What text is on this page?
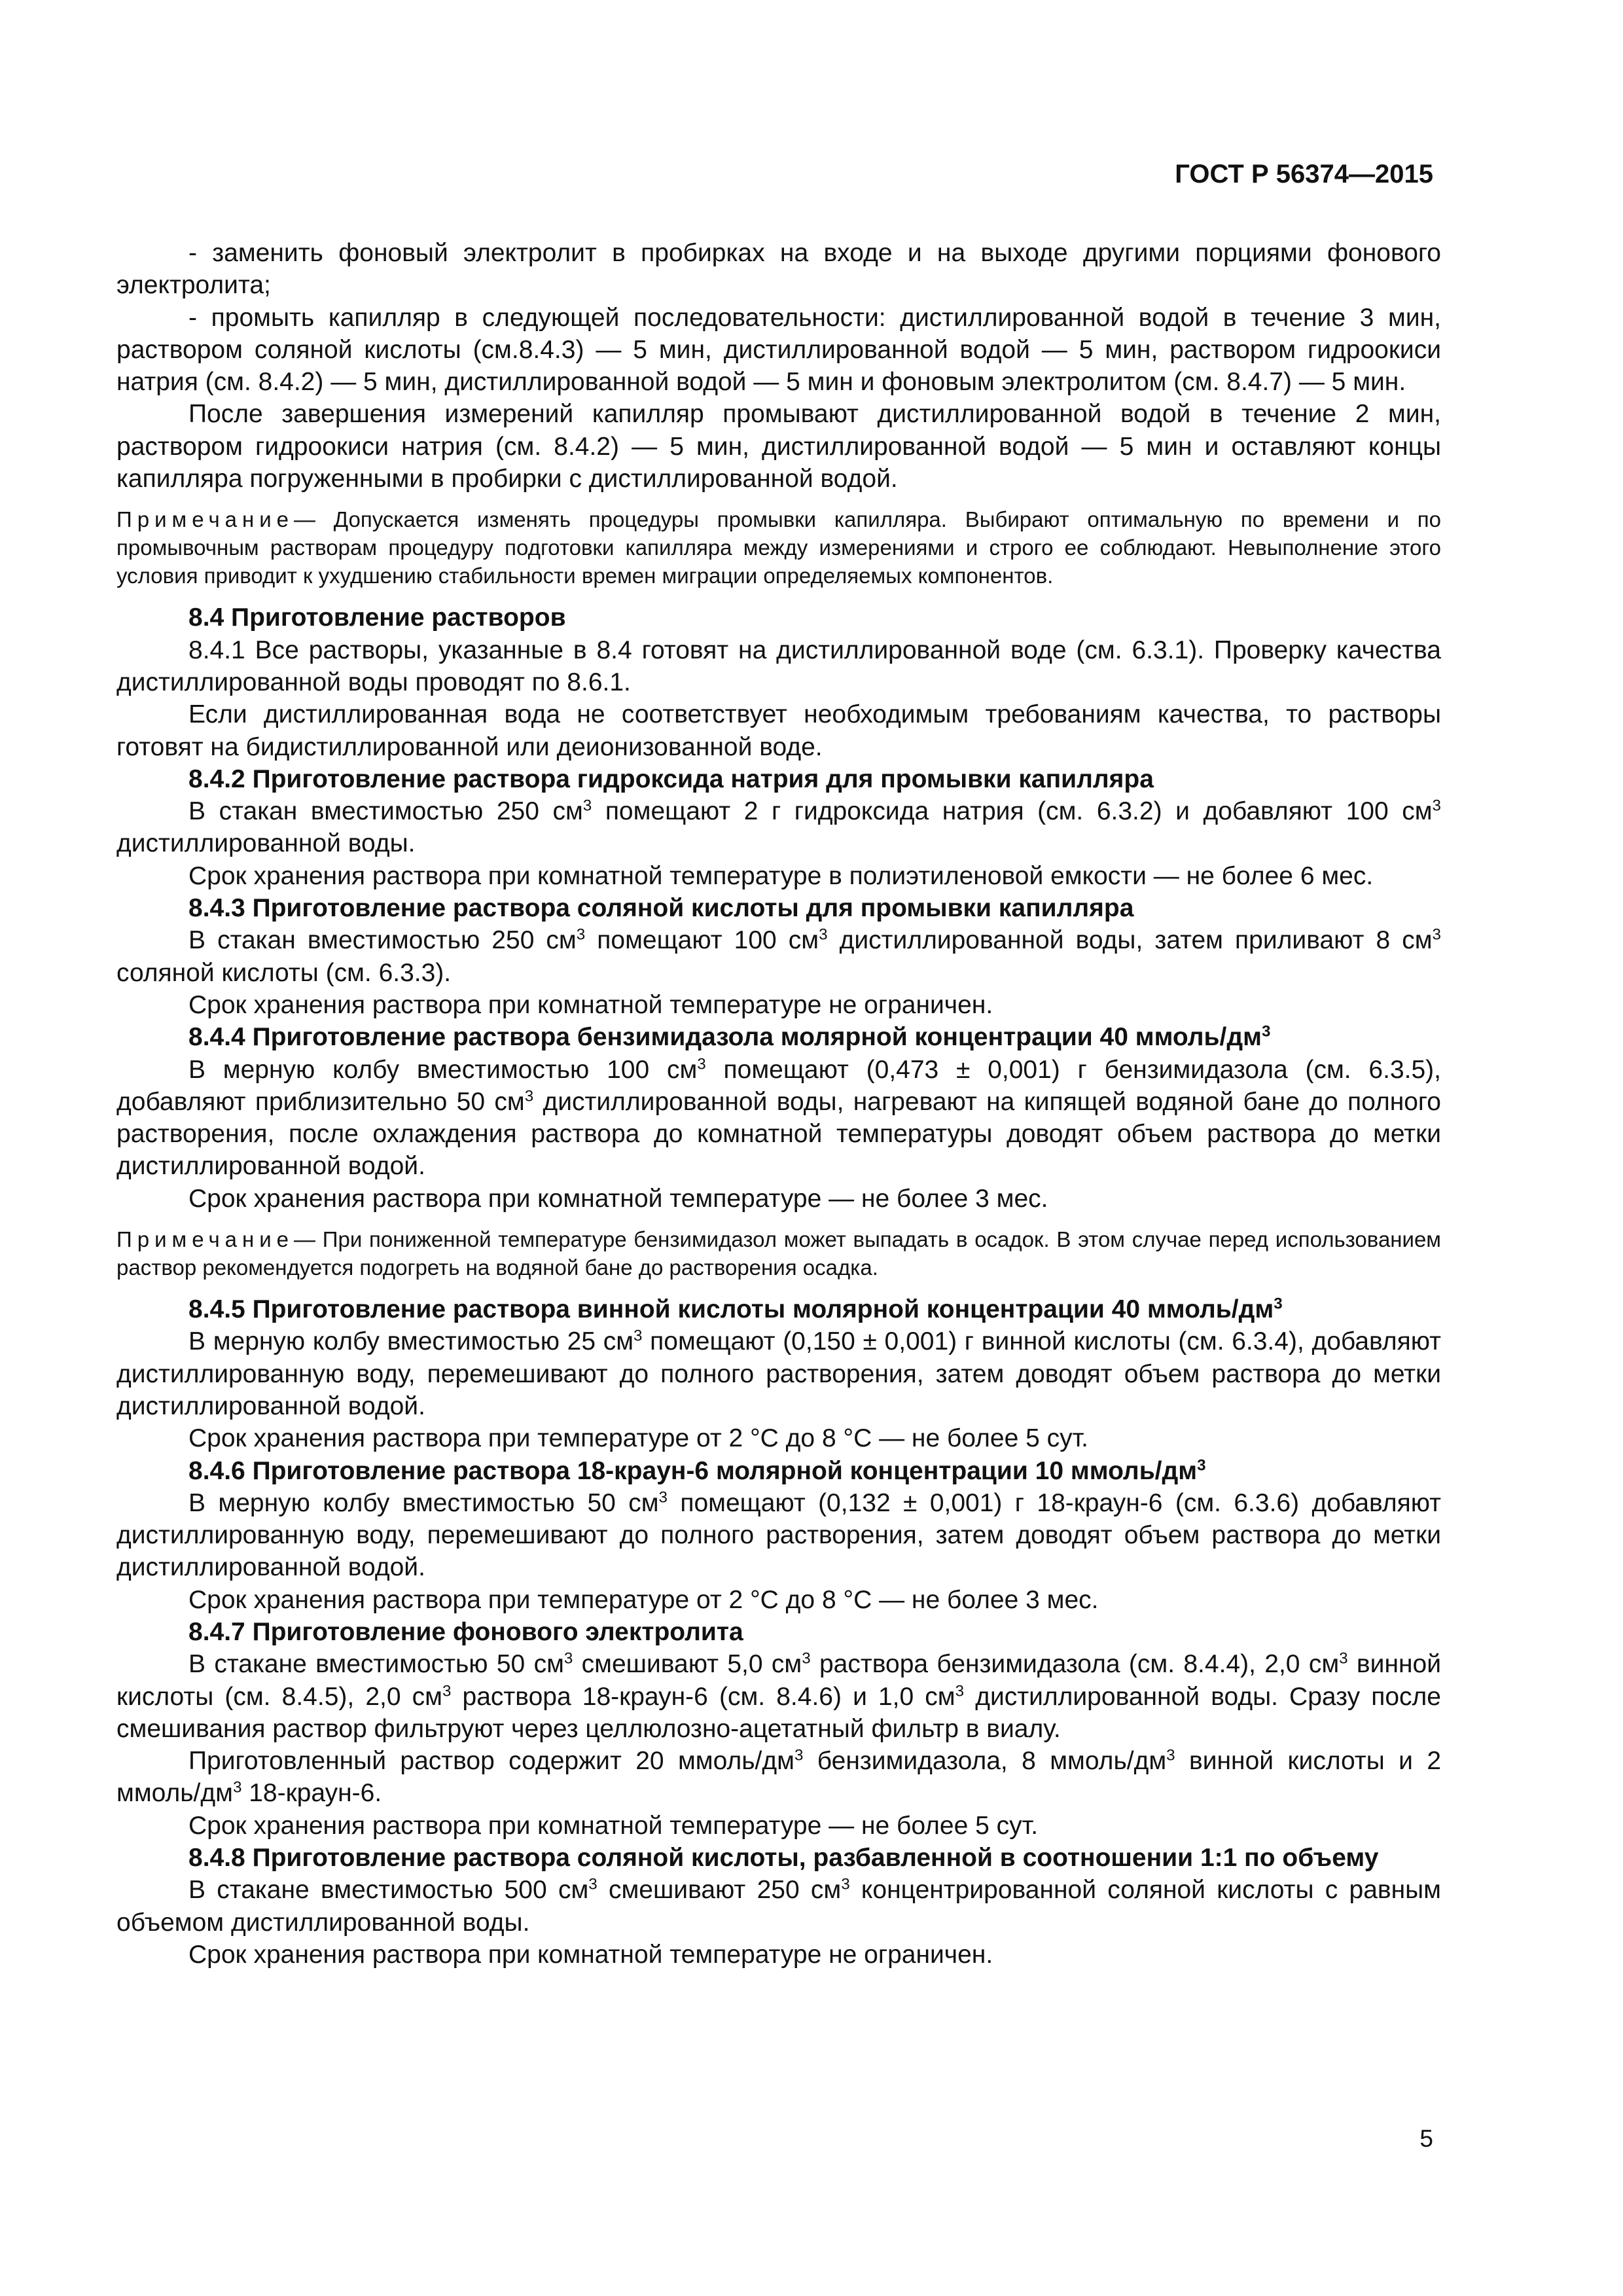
ГОСТ Р 56374—2015

- заменить фоновый электролит в пробирках на входе и на выходе другими порциями фонового электролита;

- промыть капилляр в следующей последовательности: дистиллированной водой в течение 3 мин, раствором соляной кислоты (см.8.4.3) — 5 мин, дистиллированной водой — 5 мин, раствором гидроокиси натрия (см. 8.4.2) — 5 мин, дистиллированной водой — 5 мин и фоновым электролитом (см. 8.4.7) — 5 мин.

После завершения измерений капилляр промывают дистиллированной водой в течение 2 мин, раствором гидроокиси натрия (см. 8.4.2) — 5 мин, дистиллированной водой — 5 мин и оставляют концы капилляра погруженными в пробирки с дистиллированной водой.

Примечание— Допускается изменять процедуры промывки капилляра. Выбирают оптимальную по времени и по промывочным растворам процедуру подготовки капилляра между измерениями и строго ее соблюдают. Невыполнение этого условия приводит к ухудшению стабильности времен миграции определяемых компонентов.

8.4 Приготовление растворов

8.4.1 Все растворы, указанные в 8.4 готовят на дистиллированной воде (см. 6.3.1). Проверку качества дистиллированной воды проводят по 8.6.1.

Если дистиллированная вода не соответствует необходимым требованиям качества, то растворы готовят на бидистиллированной или деионизованной воде.

8.4.2 Приготовление раствора гидроксида натрия для промывки капилляра

В стакан вместимостью 250 $см^3$ помещают 2 г гидроксида натрия (см. 6.3.2) и добавляют 100 $см^3$ дистиллированной воды.

Срок хранения раствора при комнатной температуре в полиэтиленовой емкости — не более 6 мес.

8.4.3 Приготовление раствора соляной кислоты для промывки капилляра

В стакан вместимостью 250 $см^3$ помещают 100 $см^3$ дистиллированной воды, затем приливают 8 $см^3$ соляной кислоты (см. 6.3.3).

Срок хранения раствора при комнатной температуре не ограничен.

8.4.4 Приготовление раствора бензимидазола молярной концентрации 40 ммоль/$дм^3$

В мерную колбу вместимостью 100 $см^3$ помещают (0,473 ± 0,001) г бензимидазола (см. 6.3.5), добавляют приблизительно 50 $см^3$ дистиллированной воды, нагревают на кипящей водяной бане до полного растворения, после охлаждения раствора до комнатной температуры доводят объем раствора до метки дистиллированной водой.

Срок хранения раствора при комнатной температуре — не более 3 мес.

Примечание— При пониженной температуре бензимидазол может выпадать в осадок. В этом случае перед использованием раствор рекомендуется подогреть на водяной бане до растворения осадка.

8.4.5 Приготовление раствора винной кислоты молярной концентрации 40 ммоль/$дм^3$

В мерную колбу вместимостью 25 $см^3$ помещают (0,150 ± 0,001) г винной кислоты (см. 6.3.4), добавляют дистиллированную воду, перемешивают до полного растворения, затем доводят объем раствора до метки дистиллированной водой.

Срок хранения раствора при температуре от 2 °С до 8 °С — не более 5 сут.

8.4.6 Приготовление раствора 18-краун-6 молярной концентрации 10 ммоль/$дм^3$

В мерную колбу вместимостью 50 $см^3$ помещают (0,132 ± 0,001) г 18-краун-6 (см. 6.3.6) добавляют дистиллированную воду, перемешивают до полного растворения, затем доводят объем раствора до метки дистиллированной водой.

Срок хранения раствора при температуре от 2 °С до 8 °С — не более 3 мес.

8.4.7 Приготовление фонового электролита

В стакане вместимостью 50 $см^3$ смешивают 5,0 $см^3$ раствора бензимидазола (см. 8.4.4), 2,0 $см^3$ винной кислоты (см. 8.4.5), 2,0 $см^3$ раствора 18-краун-6 (см. 8.4.6) и 1,0 $см^3$ дистиллированной воды. Сразу после смешивания раствор фильтруют через целлюлозно-ацетатный фильтр в виалу.

Приготовленный раствор содержит 20 ммоль/$дм^3$ бензимидазола, 8 ммоль/$дм^3$ винной кислоты и 2 ммоль/$дм^3$ 18-краун-6.

Срок хранения раствора при комнатной температуре — не более 5 сут.

8.4.8 Приготовление раствора соляной кислоты, разбавленной в соотношении 1:1 по объему

В стакане вместимостью 500 $см^3$ смешивают 250 $см^3$ концентрированной соляной кислоты с равным объемом дистиллированной воды.

Срок хранения раствора при комнатной температуре не ограничен.

5
